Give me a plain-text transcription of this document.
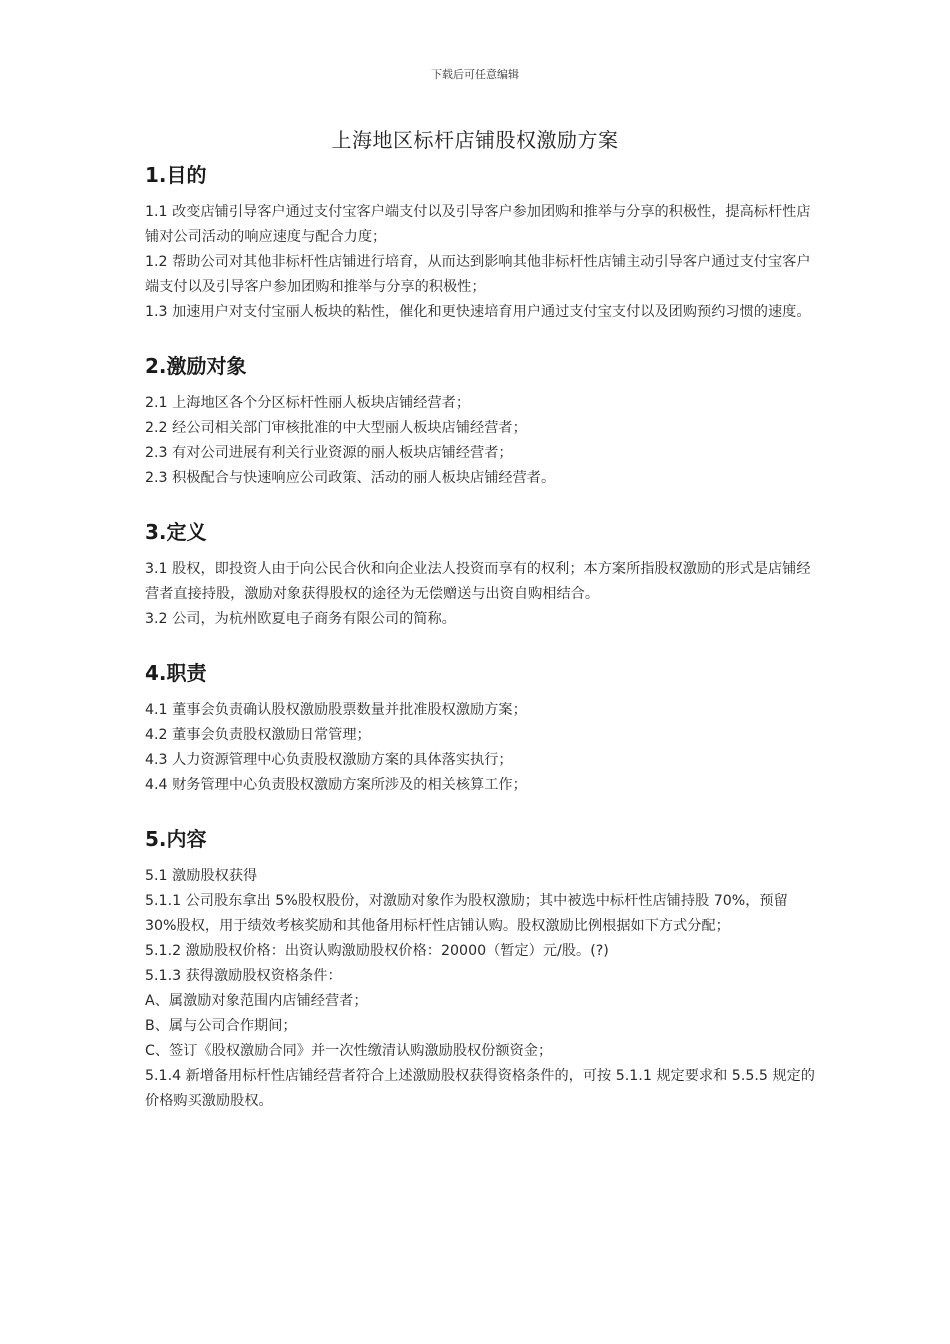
下载后可任意编辑
上海地区标杆店铺股权激励方案
1.目的

1.1 改变店铺引导客户通过支付宝客户端支付以及引导客户参加团购和推举与分享的积极性，提高标杆性店铺对公司活动的响应速度与配合力度；

1.2 帮助公司对其他非标杆性店铺进行培育，从而达到影响其他非标杆性店铺主动引导客户通过支付宝客户端支付以及引导客户参加团购和推举与分享的积极性；

1.3 加速用户对支付宝丽人板块的粘性，催化和更快速培育用户通过支付宝支付以及团购预约习惯的速度。

2.激励对象

2.1 上海地区各个分区标杆性丽人板块店铺经营者；

2.2 经公司相关部门审核批准的中大型丽人板块店铺经营者；

2.3 有对公司进展有利关行业资源的丽人板块店铺经营者；

2.3 积极配合与快速响应公司政策、活动的丽人板块店铺经营者。

3.定义

3.1 股权，即投资人由于向公民合伙和向企业法人投资而享有的权利；本方案所指股权激励的形式是店铺经营者直接持股，激励对象获得股权的途径为无偿赠送与出资自购相结合。

3.2 公司，为杭州欧夏电子商务有限公司的简称。

4.职责

4.1 董事会负责确认股权激励股票数量并批准股权激励方案；

4.2 董事会负责股权激励日常管理；

4.3 人力资源管理中心负责股权激励方案的具体落实执行；

4.4 财务管理中心负责股权激励方案所涉及的相关核算工作；

5.内容

5.1 激励股权获得

5.1.1 公司股东拿出 5%股权股份，对激励对象作为股权激励；其中被选中标杆性店铺持股 70%，预留 30%股权，用于绩效考核奖励和其他备用标杆性店铺认购。股权激励比例根据如下方式分配；

5.1.2 激励股权价格：出资认购激励股权价格：20000（暂定）元/股。(?)

5.1.3 获得激励股权资格条件：

A、属激励对象范围内店铺经营者；

B、属与公司合作期间；

C、签订《股权激励合同》并一次性缴清认购激励股权份额资金；

5.1.4 新增备用标杆性店铺经营者符合上述激励股权获得资格条件的，可按 5.1.1 规定要求和 5.5.5 规定的价格购买激励股权。
